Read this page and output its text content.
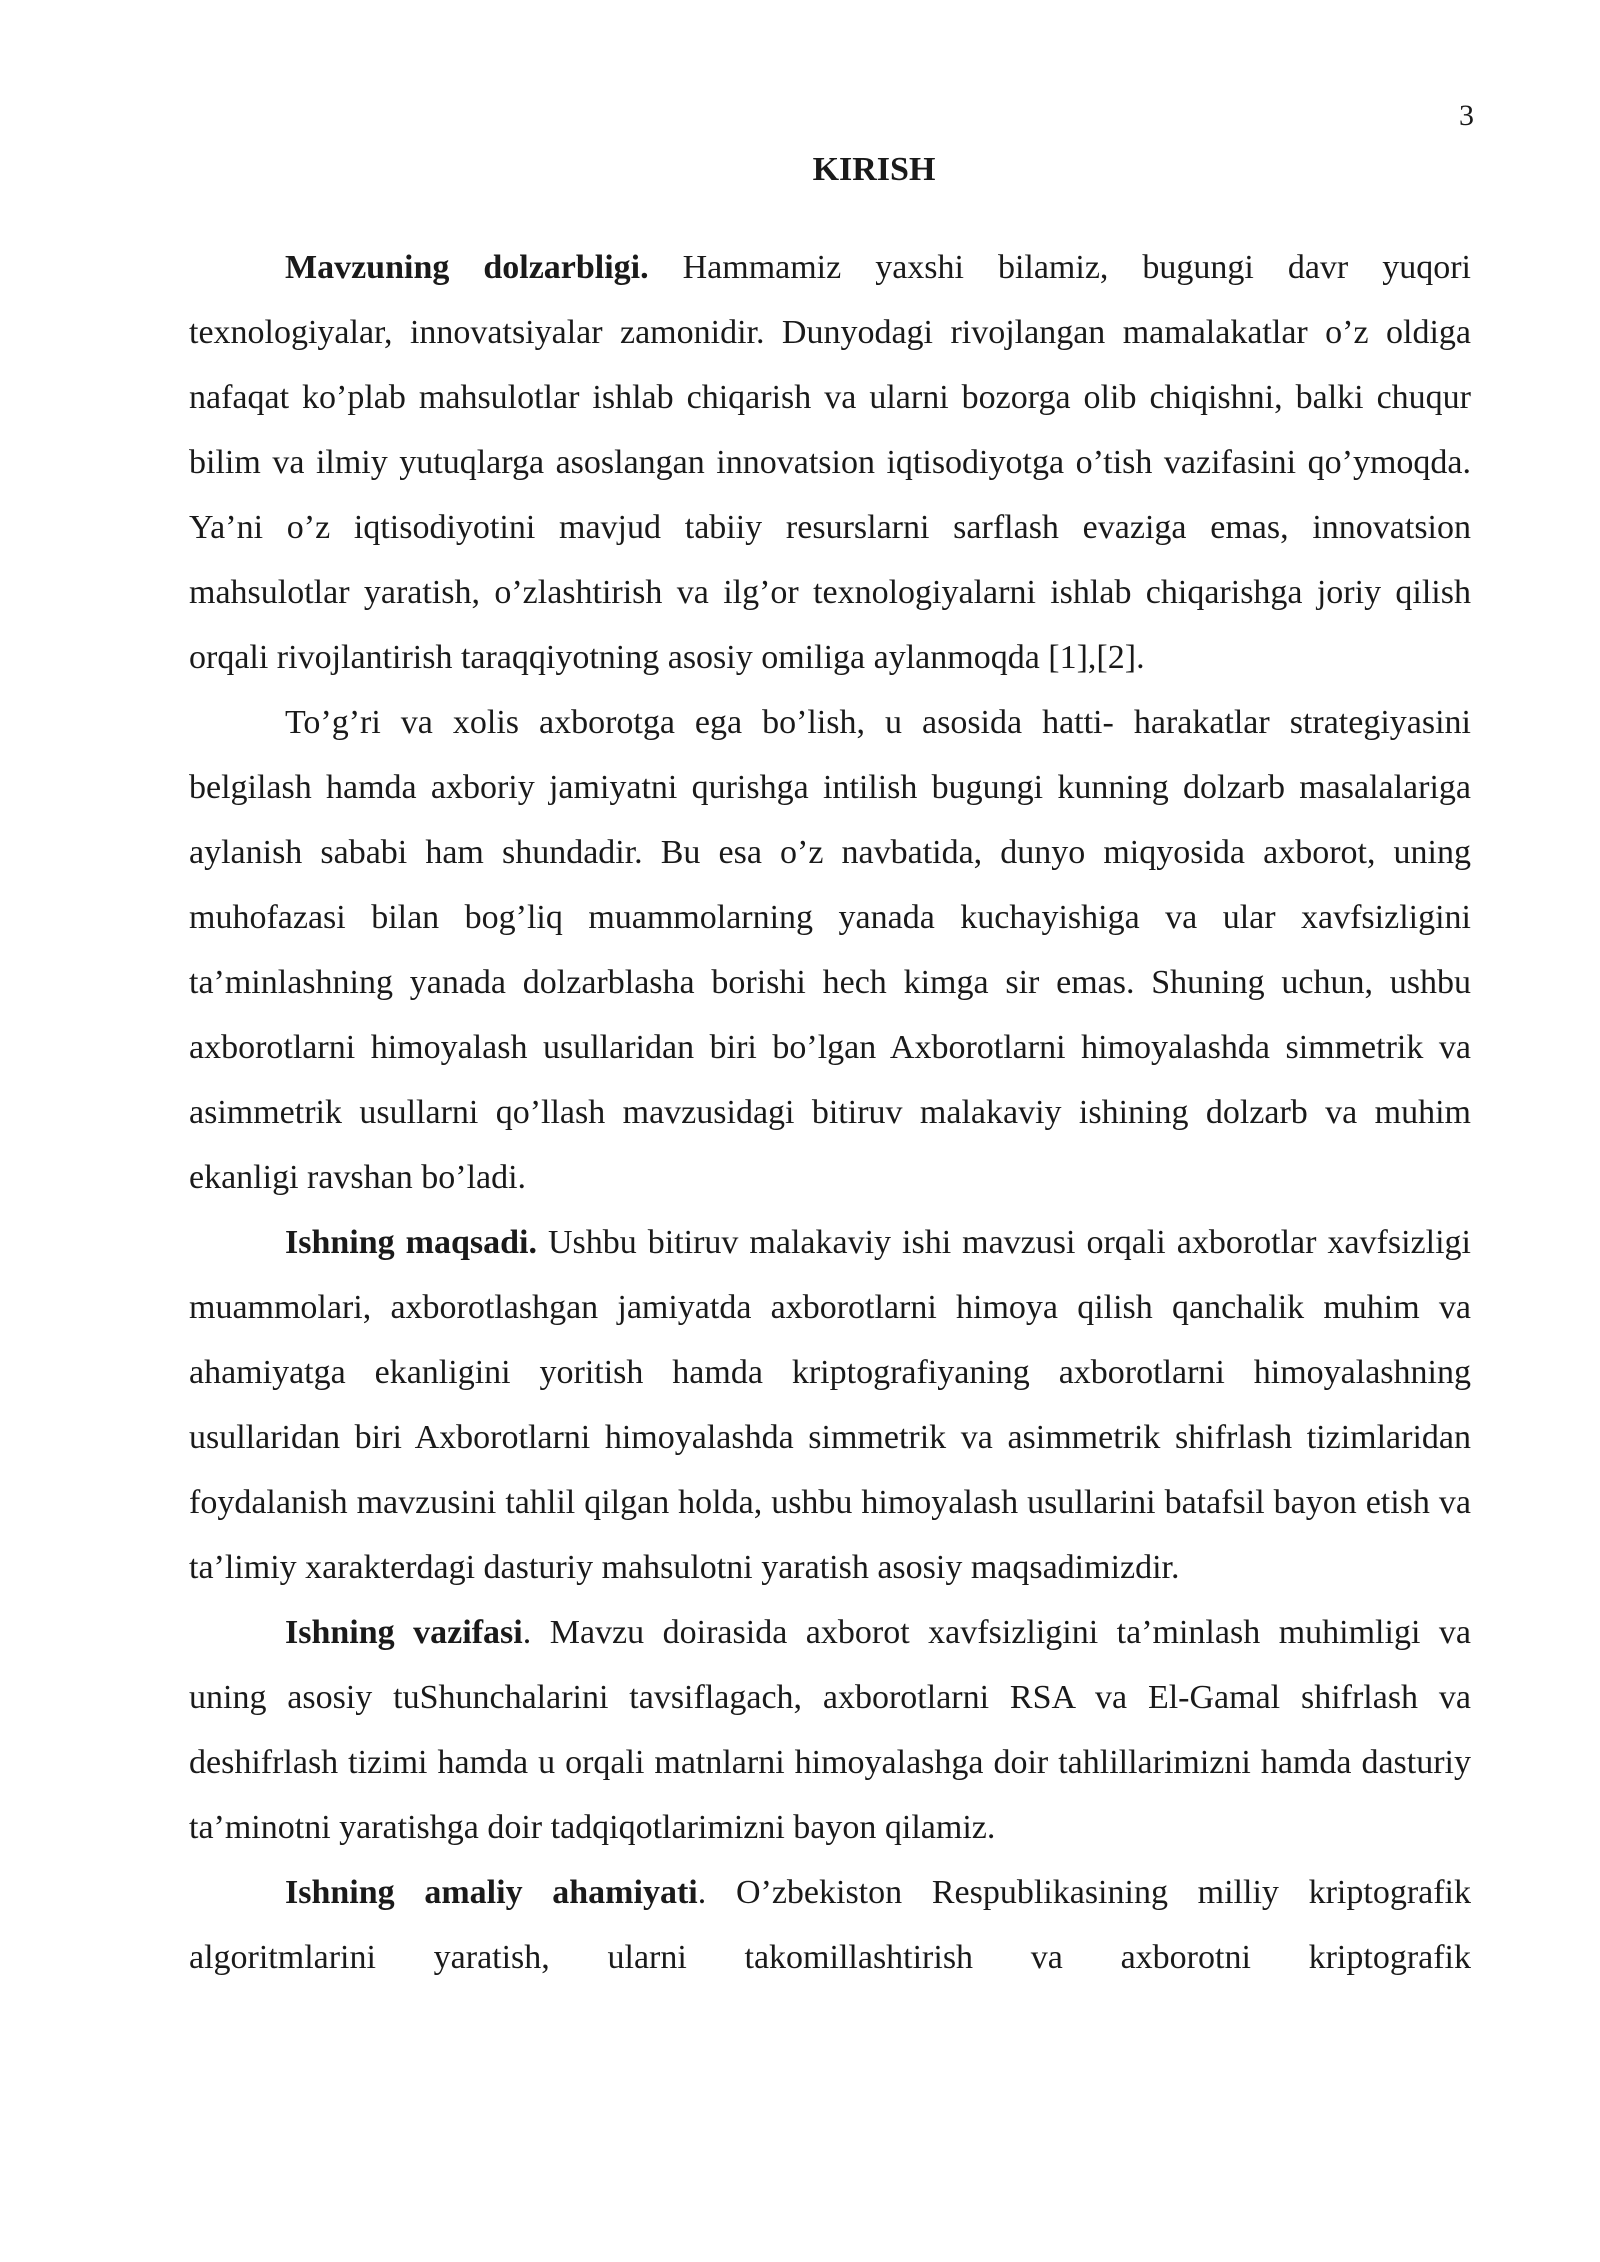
3
KIRISH

Mavzuning dolzarbligi. Hammamiz yaxshi bilamiz, bugungi davr yuqori texnologiyalar, innovatsiyalar zamonidir. Dunyodagi rivojlangan mamalakatlar o’z oldiga nafaqat ko’plab mahsulotlar ishlab chiqarish va ularni bozorga olib chiqishni, balki chuqur bilim va ilmiy yutuqlarga asoslangan innovatsion iqtisodiyotga o’tish vazifasini qo’ymoqda. Ya’ni o’z iqtisodiyotini mavjud tabiiy resurslarni sarflash evaziga emas, innovatsion mahsulotlar yaratish, o’zlashtirish va ilg’or texnologiyalarni ishlab chiqarishga joriy qilish orqali rivojlantirish taraqqiyotning asosiy omiliga aylanmoqda [1],[2].

To’g’ri va xolis axborotga ega bo’lish, u asosida hatti- harakatlar strategiyasini belgilash hamda axboriy jamiyatni qurishga intilish bugungi kunning dolzarb masalalariga aylanish sababi ham shundadir. Bu esa o’z navbatida, dunyo miqyosida axborot, uning muhofazasi bilan bog’liq muammolarning yanada kuchayishiga va ular xavfsizligini ta’minlashning yanada dolzarblasha borishi hech kimga sir emas. Shuning uchun, ushbu axborotlarni himoyalash usullaridan biri bo’lgan Axborotlarni himoyalashda simmetrik va asimmetrik usullarni qo’llash mavzusidagi bitiruv malakaviy ishining dolzarb va muhim ekanligi ravshan bo’ladi.

Ishning maqsadi. Ushbu bitiruv malakaviy ishi mavzusi orqali axborotlar xavfsizligi muammolari, axborotlashgan jamiyatda axborotlarni himoya qilish qanchalik muhim va ahamiyatga ekanligini yoritish hamda kriptografiyaning axborotlarni himoyalashning usullaridan biri Axborotlarni himoyalashda simmetrik va asimmetrik shifrlash tizimlaridan foydalanish mavzusini tahlil qilgan holda, ushbu himoyalash usullarini batafsil bayon etish va ta’limiy xarakterdagi dasturiy mahsulotni yaratish asosiy maqsadimizdir.

Ishning vazifasi. Mavzu doirasida axborot xavfsizligini ta’minlash muhimligi va uning asosiy tuShunchalarini tavsiflagach, axborotlarni RSA va El-Gamal shifrlash va deshifrlash tizimi hamda u orqali matnlarni himoyalashga doir tahlillarimizni hamda dasturiy ta’minotni yaratishga doir tadqiqotlarimizni bayon qilamiz.

Ishning amaliy ahamiyati. O’zbekiston Respublikasining milliy kriptografik algoritmlarini yaratish, ularni takomillashtirish va axborotni kriptografik
